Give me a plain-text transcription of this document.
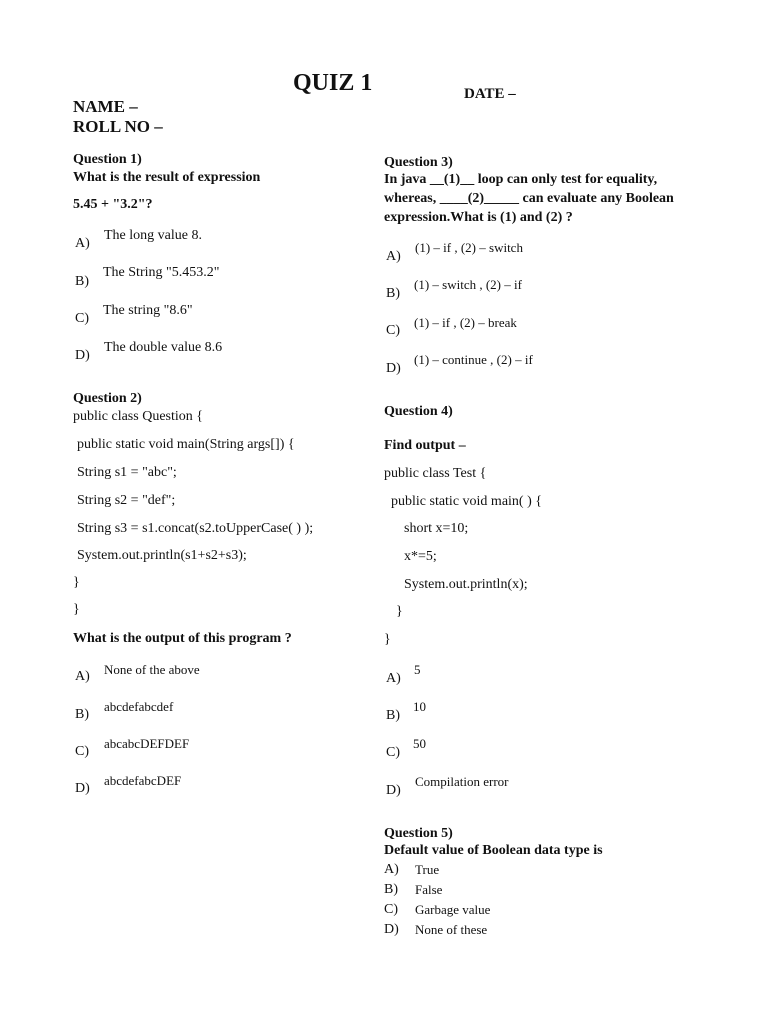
QUIZ 1	DATE –
NAME –
ROLL NO –
Question 1)
What is the result of expression
5.45 + "3.2"?
A)
The long value 8.
B)
The String "5.453.2"
C)
The string "8.6"
D)
The double value 8.6
Question 2)
public class Question {
public static void main(String args[]) {
String s1 = "abc";
String s2 = "def";
String s3 = s1.concat(s2.toUpperCase( ) );
System.out.println(s1+s2+s3);
}
}
What is the output of this program ?
A) None of the above
B)
abcdefabcdef
C)
abcabcDEFDEF
D)
abcdefabcDEF
Question 3)
In java __(1)__ loop can only test for equality,
whereas, ____(2)_____ can evaluate any Boolean
expression.What is (1) and (2) ?
A)
(1) – if , (2) – switch
B)
(1) – switch , (2) – if
C)
(1) – if , (2) – break
D)
(1) – continue , (2) – if
Question 4)
Find output –
public class Test {
public static void main( ) {
short x=10;
x*=5;
System.out.println(x);
}
}
A)
5
B)
10
C)
50
D)
Compilation error
Question 5)
Default value of Boolean data type is
A) True
B) False
C) Garbage value
D) None of these
